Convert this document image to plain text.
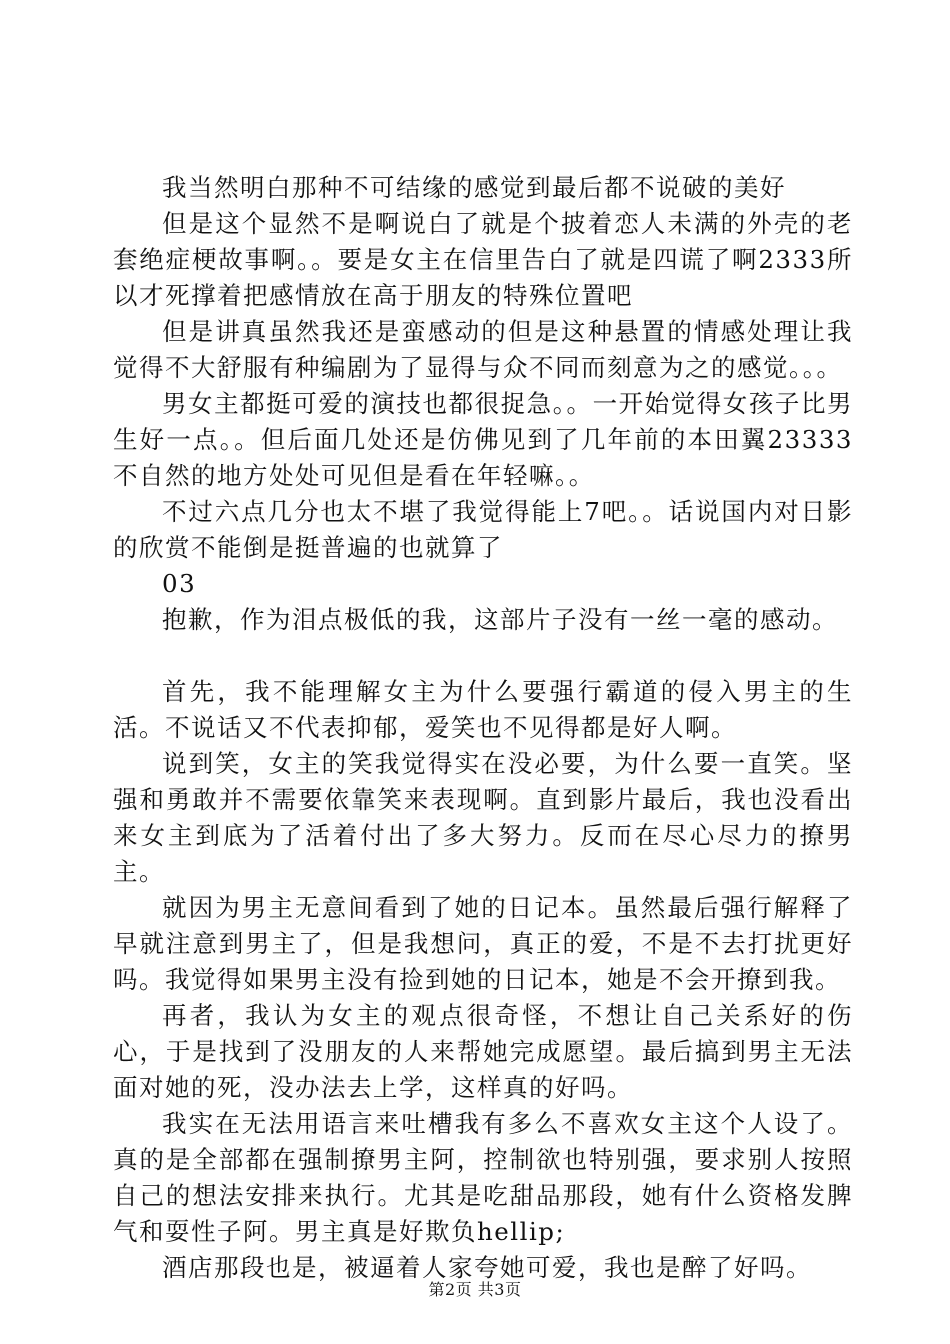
我当然明白那种不可结缘的感觉到最后都不说破的美好

但是这个显然不是啊说白了就是个披着恋人未满的外壳的老套绝症梗故事啊。。要是女主在信里告白了就是四谎了啊2333所以才死撑着把感情放在高于朋友的特殊位置吧

但是讲真虽然我还是蛮感动的但是这种悬置的情感处理让我觉得不大舒服有种编剧为了显得与众不同而刻意为之的感觉。。。

男女主都挺可爱的演技也都很捉急。。一开始觉得女孩子比男生好一点。。但后面几处还是仿佛见到了几年前的本田翼23333不自然的地方处处可见但是看在年轻嘛。。

不过六点几分也太不堪了我觉得能上7吧。。话说国内对日影的欣赏不能倒是挺普遍的也就算了

03

抱歉，作为泪点极低的我，这部片子没有一丝一毫的感动。

首先，我不能理解女主为什么要强行霸道的侵入男主的生活。不说话又不代表抑郁，爱笑也不见得都是好人啊。

说到笑，女主的笑我觉得实在没必要，为什么要一直笑。坚强和勇敢并不需要依靠笑来表现啊。直到影片最后，我也没看出来女主到底为了活着付出了多大努力。反而在尽心尽力的撩男主。

就因为男主无意间看到了她的日记本。虽然最后强行解释了早就注意到男主了，但是我想问，真正的爱，不是不去打扰更好吗。我觉得如果男主没有捡到她的日记本，她是不会开撩到我。

再者，我认为女主的观点很奇怪，不想让自己关系好的伤心，于是找到了没朋友的人来帮她完成愿望。最后搞到男主无法面对她的死，没办法去上学，这样真的好吗。

我实在无法用语言来吐槽我有多么不喜欢女主这个人设了。真的是全部都在强制撩男主阿，控制欲也特别强，要求别人按照自己的想法安排来执行。尤其是吃甜品那段，她有什么资格发脾气和耍性子阿。男主真是好欺负hellip;

酒店那段也是，被逼着人家夸她可爱，我也是醉了好吗。

第2页 共3页
